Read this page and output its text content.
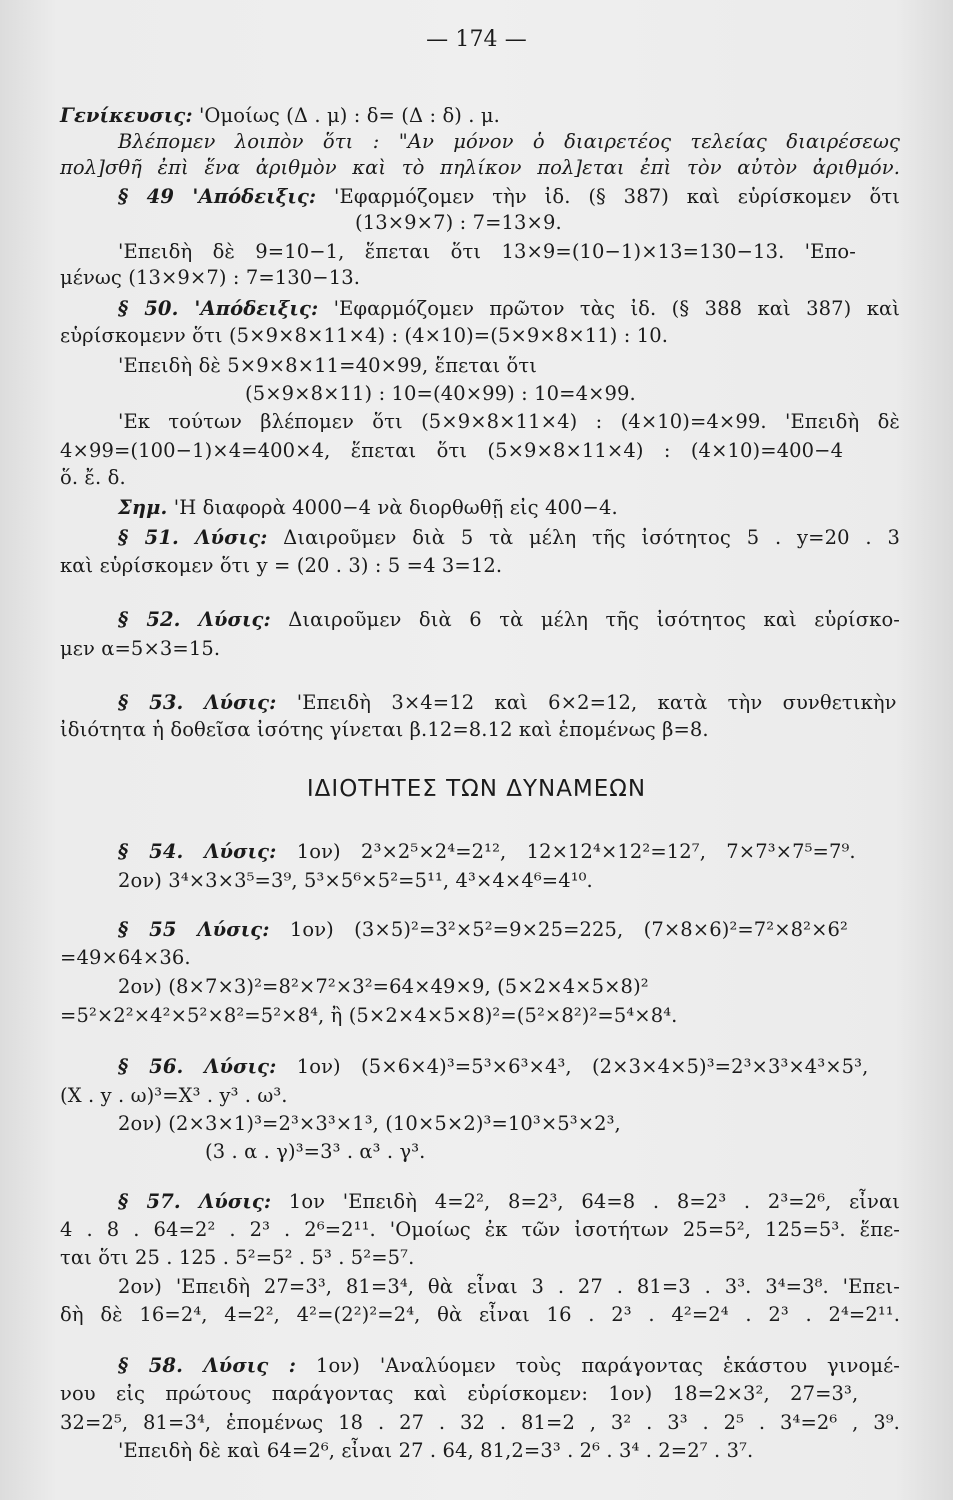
— 174 —
Γενίκευσις: 'Ομοίως (Δ . μ) : δ= (Δ : δ) . μ.
Βλέπομεν λοιπὸν ὅτι : "Αν μόνον ὁ διαιρετέος τελείας διαιρέσεως
πολ]σθῆ ἐπὶ ἕνα ἀριθμὸν καὶ τὸ πηλίκον πολ]εται ἐπὶ τὸν αὐτὸν ἀριθμόν.
§ 49 'Απόδειξις: 'Εφαρμόζομεν τὴν ἰδ. (§ 387) καὶ εὑρίσκομεν ὅτι
(13×9×7) : 7=13×9.
'Επειδὴ δὲ 9=10−1, ἕπεται ὅτι 13×9=(10−1)×13=130−13. 'Επο-
μένως (13×9×7) : 7=130−13.
§ 50. 'Απόδειξις: 'Εφαρμόζομεν πρῶτον τὰς ἰδ. (§ 388 καὶ 387) καὶ
εὑρίσκομενν ὅτι (5×9×8×11×4) : (4×10)=(5×9×8×11) : 10.
'Επειδὴ δὲ 5×9×8×11=40×99, ἕπεται ὅτι
(5×9×8×11) : 10=(40×99) : 10=4×99.
'Εκ τούτων βλέπομεν ὅτι (5×9×8×11×4) : (4×10)=4×99. 'Επειδὴ δὲ
4×99=(100−1)×4=400×4, ἕπεται ὅτι (5×9×8×11×4) : (4×10)=400−4
ὅ. ἔ. δ.
Σημ. 'Η διαφορὰ 4000−4 νὰ διορθωθῇ εἰς 400−4.
§ 51. Λύσις: Διαιροῦμεν διὰ 5 τὰ μέλη τῆς ἰσότητος 5 . y=20 . 3
καὶ εὑρίσκομεν ὅτι y = (20 . 3) : 5 =4 3=12.
§ 52. Λύσις: Διαιροῦμεν διὰ 6 τὰ μέλη τῆς ἰσότητος καὶ εὑρίσκο-
μεν α=5×3=15.
§ 53. Λύσις: 'Επειδὴ 3×4=12 καὶ 6×2=12, κατὰ τὴν συνθετικὴν
ἰδιότητα ἡ δοθεῖσα ἰσότης γίνεται β.12=8.12 καὶ ἑπομένως β=8.
ΙΔΙΟΤΗΤΕΣ ΤΩΝ ΔΥΝΑΜΕΩΝ
§ 54. Λύσις: 1ον) 2³×2⁵×2⁴=2¹², 12×12⁴×12²=12⁷, 7×7³×7⁵=7⁹.
2ον) 3⁴×3×3⁵=3⁹, 5³×5⁶×5²=5¹¹, 4³×4×4⁶=4¹⁰.
§ 55 Λύσις: 1ον) (3×5)²=3²×5²=9×25=225, (7×8×6)²=7²×8²×6²
=49×64×36.
2ον) (8×7×3)²=8²×7²×3²=64×49×9, (5×2×4×5×8)²
=5²×2²×4²×5²×8²=5²×8⁴, ἢ (5×2×4×5×8)²=(5²×8²)²=5⁴×8⁴.
§ 56. Λύσις: 1ον) (5×6×4)³=5³×6³×4³, (2×3×4×5)³=2³×3³×4³×5³,
(X . y . ω)³=X³ . y³ . ω³.
2ον) (2×3×1)³=2³×3³×1³, (10×5×2)³=10³×5³×2³,
(3 . α . γ)³=3³ . α³ . γ³.
§ 57. Λύσις: 1ον 'Επειδὴ 4=2², 8=2³, 64=8 . 8=2³ . 2³=2⁶, εἶναι
4 . 8 . 64=2² . 2³ . 2⁶=2¹¹. 'Ομοίως ἐκ τῶν ἰσοτήτων 25=5², 125=5³. ἕπε-
ται ὅτι 25 . 125 . 5²=5² . 5³ . 5²=5⁷.
2ον) 'Επειδὴ 27=3³, 81=3⁴, θὰ εἶναι 3 . 27 . 81=3 . 3³. 3⁴=3⁸. 'Επει-
δὴ δὲ 16=2⁴, 4=2², 4²=(2²)²=2⁴, θὰ εἶναι 16 . 2³ . 4²=2⁴ . 2³ . 2⁴=2¹¹.
§ 58. Λύσις : 1ον) 'Αναλύομεν τοὺς παράγοντας ἑκάστου γινομέ-
νου εἰς πρώτους παράγοντας καὶ εὑρίσκομεν: 1ον) 18=2×3², 27=3³,
32=2⁵, 81=3⁴, ἑπομένως 18 . 27 . 32 . 81=2 , 3² . 3³ . 2⁵ . 3⁴=2⁶ , 3⁹.
'Επειδὴ δὲ καὶ 64=2⁶, εἶναι 27 . 64, 81,2=3³ . 2⁶ . 3⁴ . 2=2⁷ . 3⁷.
